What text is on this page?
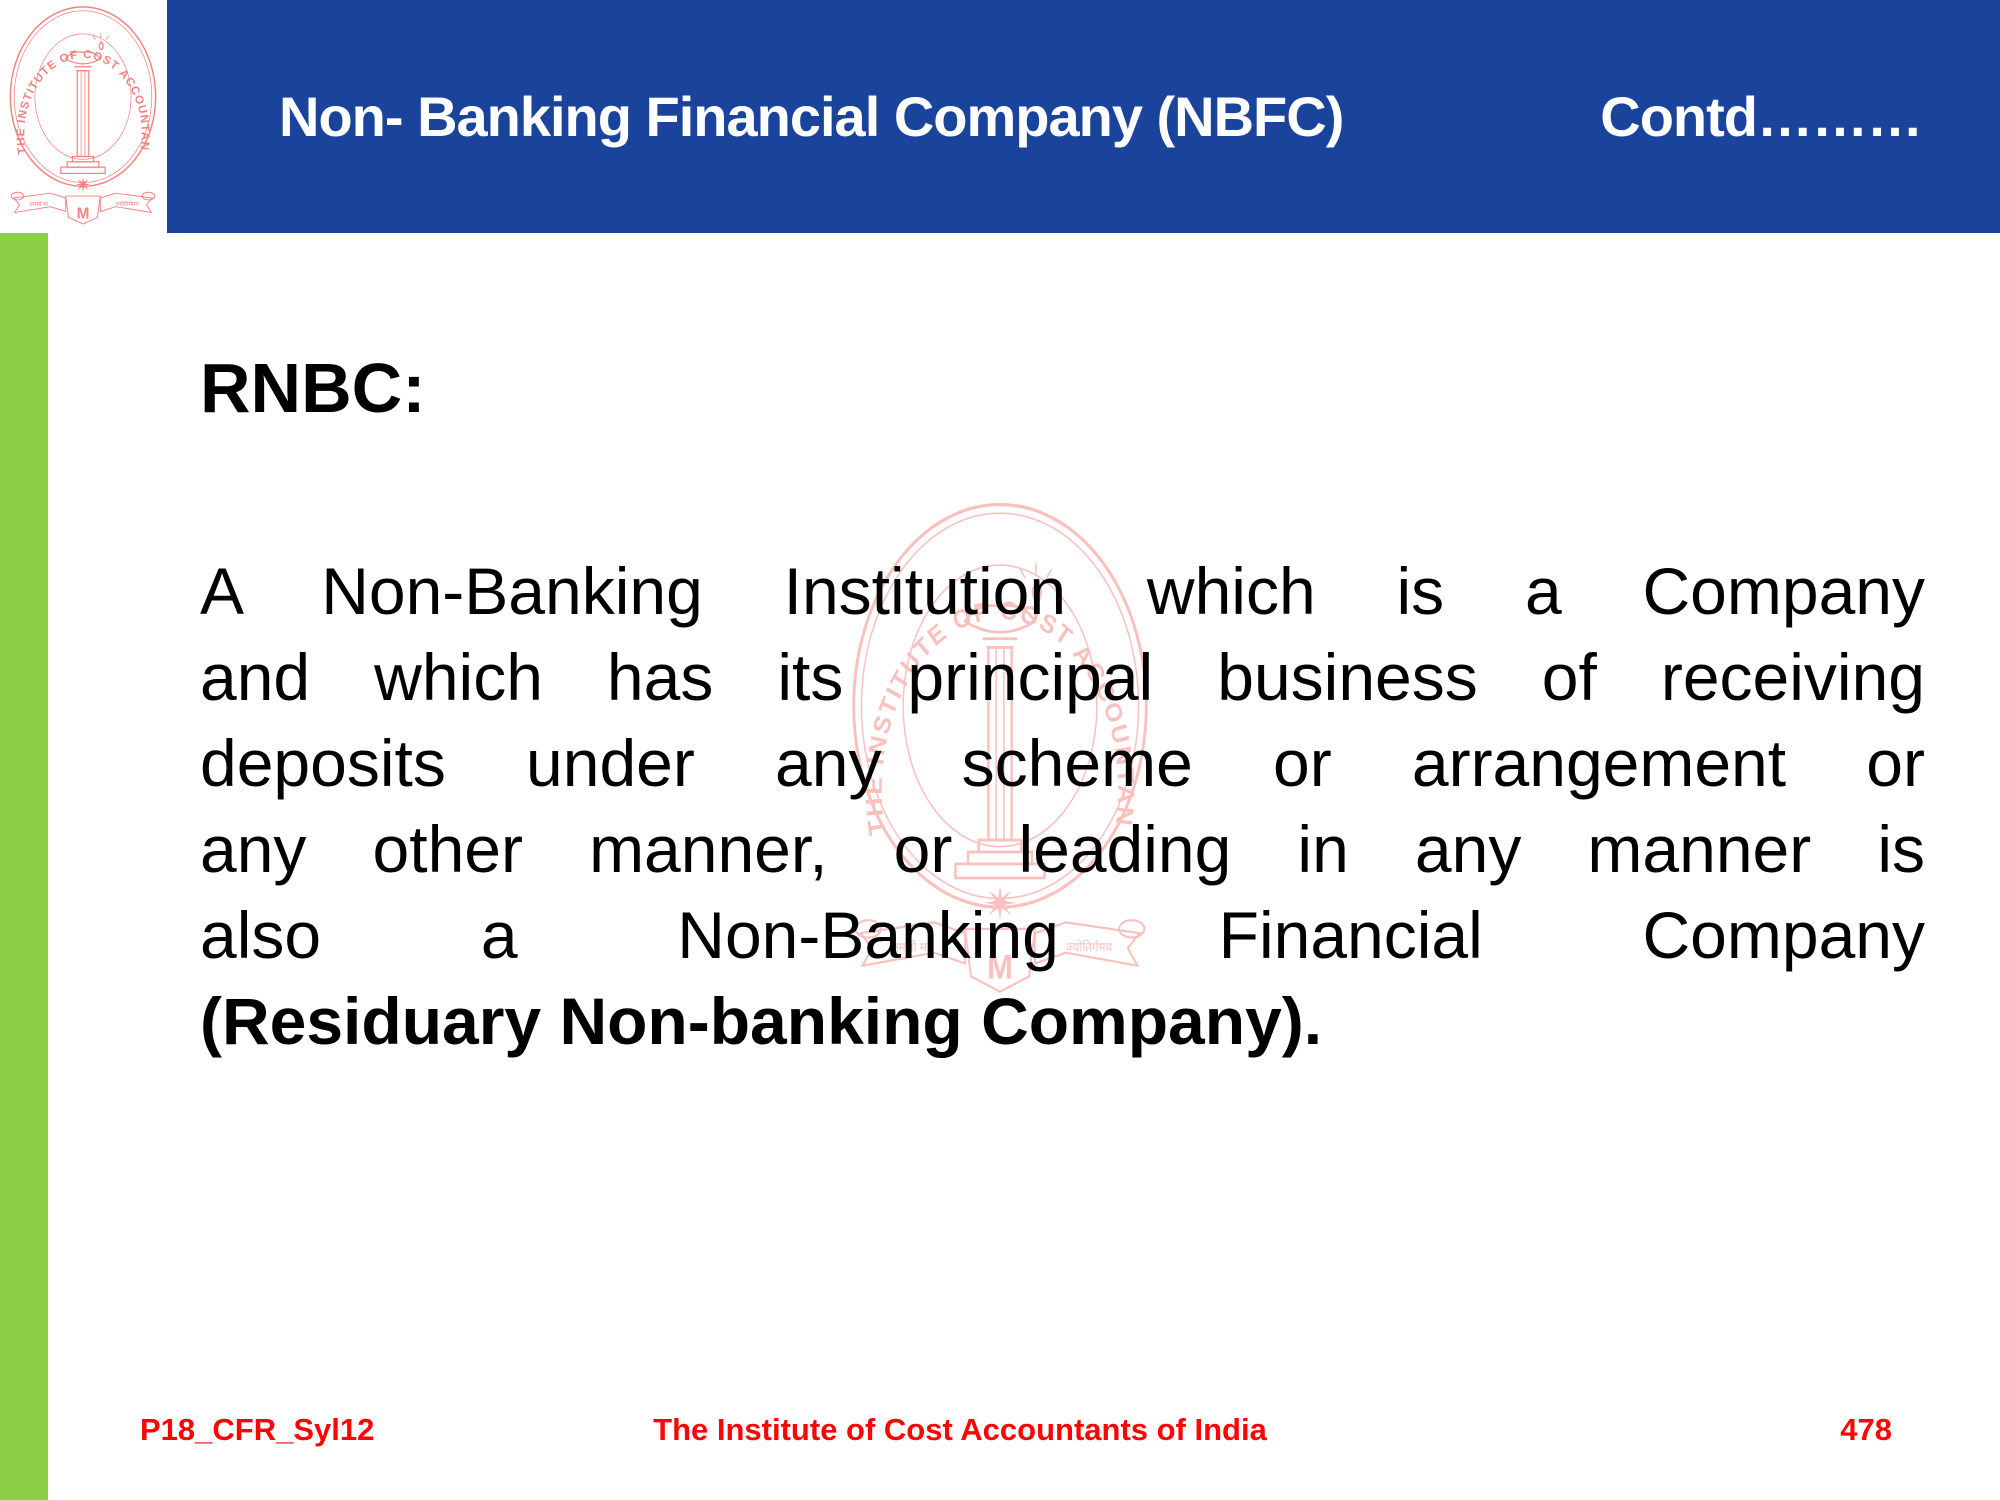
Non- Banking Financial Company (NBFC)	Contd………
RNBC:
A Non-Banking Institution which is a Company
and which has its principal business of receiving
deposits under any scheme or arrangement or
any other manner, or leading in any manner is
also a Non-Banking Financial Company
(Residuary Non-banking Company).
P18_CFR_Syl12	The Institute of Cost Accountants of India	478
